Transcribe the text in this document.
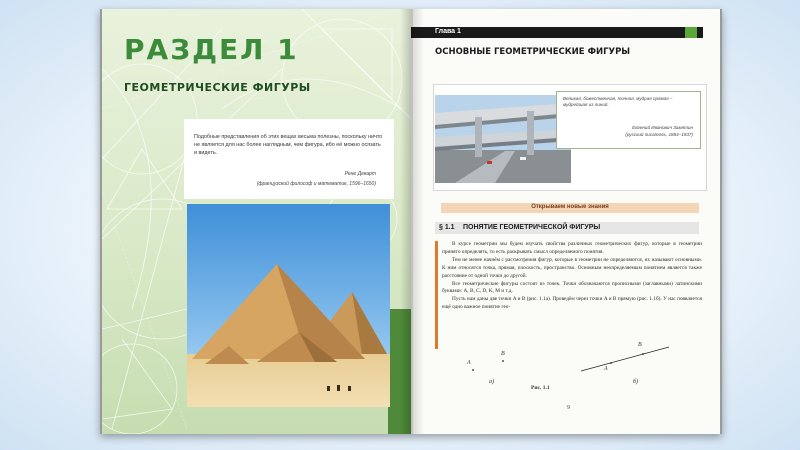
РАЗДЕЛ 1
ГЕОМЕТРИЧЕСКИЕ ФИГУРЫ

Подобные представления об этих вещах весьма полезны, поскольку ничто не является для нас более наглядным, чем фигура, ибо её можно осязать и видеть.

Рене Декарт

(французский философ и математик, 1596–1650)

Глава 1

ОСНОВНЫЕ ГЕОМЕТРИЧЕСКИЕ ФИГУРЫ

Великая, божественная, точная, мудрая прямая – мудрейшая из линий.

Евгений Иванович Замятин

(русский писатель, 1884–1937)

Открываем новые знания

§ 1.1 ПОНЯТИЕ ГЕОМЕТРИЧЕСКОЙ ФИГУРЫ

В курсе геометрии мы будем изучать свойства различных геометрических фигур, которые в геометрии принято определять, то есть раскрывать смысл определяемого понятия.

Тем не менее начнём с рассмотрения фигур, которые в геометрии не определяются, их называют основными. К ним относятся точка, прямая, плоскость, пространство. Основным неопределяемым понятием является также расстояние от одной точки до другой.

Все геометрические фигуры состоят из точек. Точки обозначаются прописными (заглавными) латинскими буквами: A, B, C, D, K, M и т.д.

Пусть нам даны две точки A и B (рис. 1.1а). Проведём через точки A и B прямую (рис. 1.1б). У нас появляется ещё одно важное понятие гео-

A

B

а)

A

B

б)

Рис. 1.1

9
